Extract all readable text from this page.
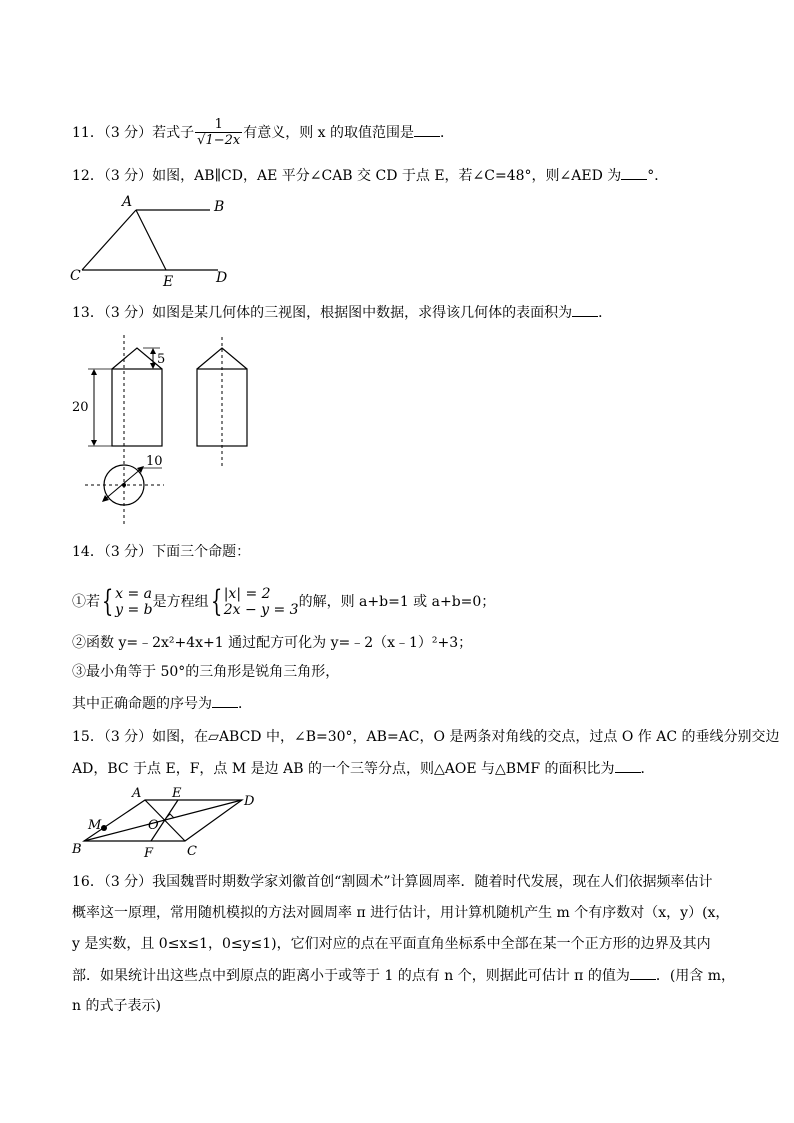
11．（3 分）若式子 $\frac{1}{√1-2x}$ 有意义，则 x 的取值范围是 ．
12．（3 分）如图，AB∥CD，AE 平分∠CAB 交 CD 于点 E，若∠C=48°，则∠AED 为 °．
A	B
C	E	D
13．（3 分）如图是某几何体的三视图，根据图中数据，求得该几何体的表面积为 ．
5
20
10
14．（3 分）下面三个命题：
①若{ x = a
y = b 是方程组{ |x| = 2
2x − y = 3 的解，则 a+b=1 或 a+b=0；
②函数 y=﹣2x²+4x+1 通过配方可化为 y=﹣2（x﹣1）²+3；
③最小角等于 50°的三角形是锐角三角形，
其中正确命题的序号为 ．
15．（3 分）如图，在▱ABCD 中，∠B=30°，AB=AC，O 是两条对角线的交点，过点 O 作 AC 的垂线分别交边
AD，BC 于点 E，F，点 M 是边 AB 的一个三等分点，则△AOE 与△BMF 的面积比为 ．
A E
D
M	O
B	F	C
16．（3 分）我国魏晋时期数学家刘徽首创“割圆术”计算圆周率．随着时代发展，现在人们依据频率估计
概率这一原理，常用随机模拟的方法对圆周率 π 进行估计，用计算机随机产生 m 个有序数对（x，y）(x，
y 是实数，且 0≤x≤1，0≤y≤1)，它们对应的点在平面直角坐标系中全部在某一个正方形的边界及其内
部．如果统计出这些点中到原点的距离小于或等于 1 的点有 n 个，则据此可估计 π 的值为 ．(用含 m，
n 的式子表示)
